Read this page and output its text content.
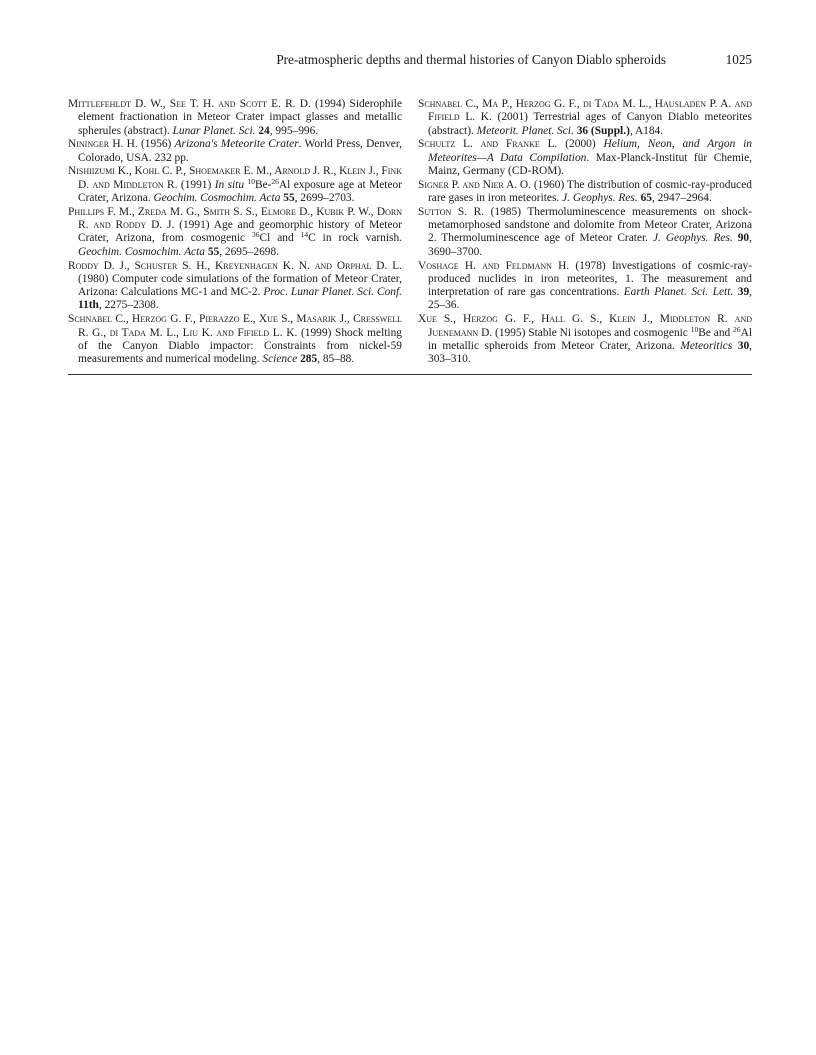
Pre-atmospheric depths and thermal histories of Canyon Diablo spheroids	1025

Mittlefehldt D. W., See T. H. and Scott E. R. D. (1994) Siderophile element fractionation in Meteor Crater impact glasses and metallic spherules (abstract). Lunar Planet. Sci. 24, 995–996.

Nininger H. H. (1956) Arizona's Meteorite Crater. World Press, Denver, Colorado, USA. 232 pp.

Nishiizumi K., Kohl C. P., Shoemaker E. M., Arnold J. R., Klein J., Fink D. and Middleton R. (1991) In situ $^{10}$Be-$^{26}$Al exposure age at Meteor Crater, Arizona. Geochim. Cosmochim. Acta 55, 2699–2703.

Phillips F. M., Zreda M. G., Smith S. S., Elmore D., Kubik P. W., Dorn R. and Roddy D. J. (1991) Age and geomorphic history of Meteor Crater, Arizona, from cosmogenic $^{36}$Cl and $^{14}$C in rock varnish. Geochim. Cosmochim. Acta 55, 2695–2698.

Roddy D. J., Schuster S. H., Kreyenhagen K. N. and Orphal D. L. (1980) Computer code simulations of the formation of Meteor Crater, Arizona: Calculations MC-1 and MC-2. Proc. Lunar Planet. Sci. Conf. 11th, 2275–2308.

Schnabel C., Herzog G. F., Pierazzo E., Xue S., Masarik J., Cresswell R. G., di Tada M. L., Liu K. and Fifield L. K. (1999) Shock melting of the Canyon Diablo impactor: Constraints from nickel-59 measurements and numerical modeling. Science 285, 85–88.

Schnabel C., Ma P., Herzog G. F., di Tada M. L., Hausladen P. A. and Fifield L. K. (2001) Terrestrial ages of Canyon Diablo meteorites (abstract). Meteorit. Planet. Sci. 36 (Suppl.), A184.

Schultz L. and Franke L. (2000) Helium, Neon, and Argon in Meteorites—A Data Compilation. Max-Planck-Institut für Chemie, Mainz, Germany (CD-ROM).

Signer P. and Nier A. O. (1960) The distribution of cosmic-ray-produced rare gases in iron meteorites. J. Geophys. Res. 65, 2947–2964.

Sutton S. R. (1985) Thermoluminescence measurements on shock-metamorphosed sandstone and dolomite from Meteor Crater, Arizona 2. Thermoluminescence age of Meteor Crater. J. Geophys. Res. 90, 3690–3700.

Voshage H. and Feldmann H. (1978) Investigations of cosmic-ray-produced nuclides in iron meteorites, 1. The measurement and interpretation of rare gas concentrations. Earth Planet. Sci. Lett. 39, 25–36.

Xue S., Herzog G. F., Hall G. S., Klein J., Middleton R. and Juenemann D. (1995) Stable Ni isotopes and cosmogenic $^{10}$Be and $^{26}$Al in metallic spheroids from Meteor Crater, Arizona. Meteoritics 30, 303–310.
